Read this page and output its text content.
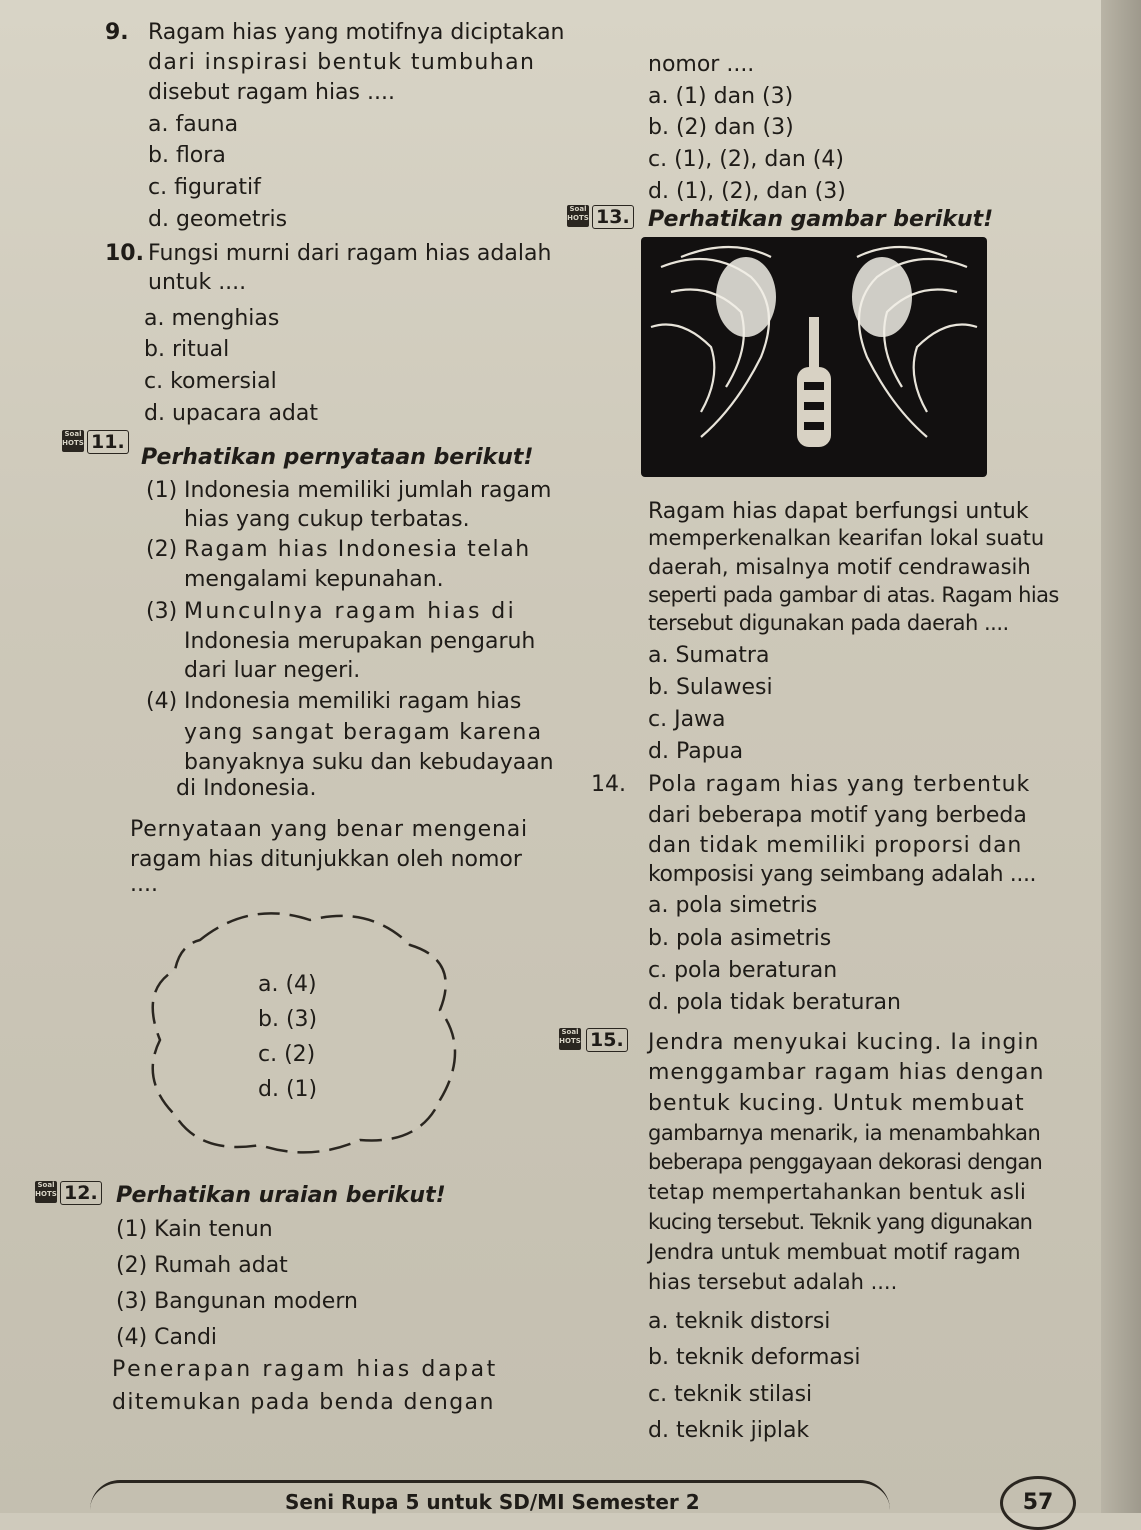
9. Ragam hias yang motifnya diciptakan
dari inspirasi bentuk tumbuhan
disebut ragam hias ....
a. fauna
b. flora
c. figuratif
d. geometris
10. Fungsi murni dari ragam hias adalah
untuk ....
a. menghias
b. ritual
c. komersial
d. upacara adat
Soal HOTS 11.
Perhatikan pernyataan berikut!
(1) Indonesia memiliki jumlah ragam
hias yang cukup terbatas.
(2) Ragam hias Indonesia telah
mengalami kepunahan.
(3) Munculnya ragam hias di
Indonesia merupakan pengaruh
dari luar negeri.
(4) Indonesia memiliki ragam hias
yang sangat beragam karena
banyaknya suku dan kebudayaan
di Indonesia.
Pernyataan yang benar mengenai
ragam hias ditunjukkan oleh nomor
....
a. (4)
b. (3)
c. (2)
d. (1)
Soal HOTS 12. Perhatikan uraian berikut!
(1) Kain tenun
(2) Rumah adat
(3) Bangunan modern
(4) Candi
Penerapan ragam hias dapat
ditemukan pada benda dengan
nomor ....
a. (1) dan (3)
b. (2) dan (3)
c. (1), (2), dan (4)
d. (1), (2), dan (3)
Soal HOTS 13. Perhatikan gambar berikut!
Ragam hias dapat berfungsi untuk
memperkenalkan kearifan lokal suatu
daerah, misalnya motif cendrawasih
seperti pada gambar di atas. Ragam hias
tersebut digunakan pada daerah ....
a. Sumatra
b. Sulawesi
c. Jawa
d. Papua
14. Pola ragam hias yang terbentuk
dari beberapa motif yang berbeda
dan tidak memiliki proporsi dan
komposisi yang seimbang adalah ....
a. pola simetris
b. pola asimetris
c. pola beraturan
d. pola tidak beraturan
Soal HOTS 15. Jendra menyukai kucing. Ia ingin
menggambar ragam hias dengan
bentuk kucing. Untuk membuat
gambarnya menarik, ia menambahkan
beberapa penggayaan dekorasi dengan
tetap mempertahankan bentuk asli
kucing tersebut. Teknik yang digunakan
Jendra untuk membuat motif ragam
hias tersebut adalah ....
a. teknik distorsi
b. teknik deformasi
c. teknik stilasi
d. teknik jiplak
Seni Rupa 5 untuk SD/MI Semester 2	57
